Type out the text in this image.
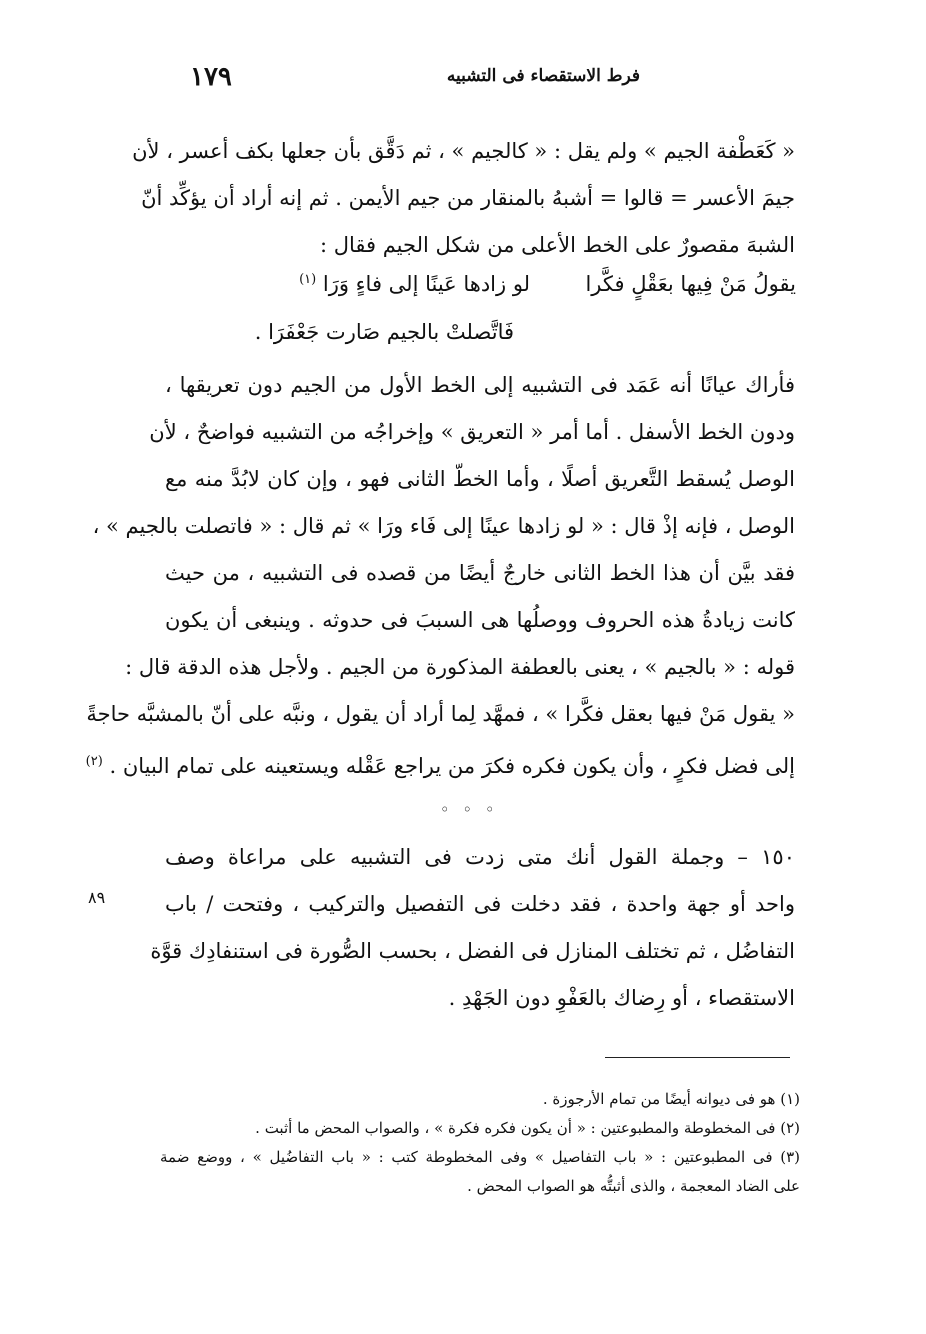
فرط الاستقصاء فى التشبيه
١٧٩
« كَعَطْفة الجيم » ولم يقل : « كالجيم » ، ثم دَقَّق بأن جعلها بكف أعسر ، لأن
جيمَ الأعسر = قالوا = أشبهُ بالمنقار من جيم الأيمن . ثم إنه أراد أن يؤكِّد أنّ
الشبهَ مقصورٌ على الخط الأعلى من شكل الجيم فقال :
يقولُ مَنْ فِيها بعَقْلٍ فكَّرا  لو زادها عَينًا إلى فاءٍ وَرَا $^{(١)}$
فَاتَّصلتْ بالجيم صَارت جَعْفَرَا .
فأراك عيانًا أنه عَمَد فى التشبيه إلى الخط الأول من الجيم دون تعريقها ،
ودون الخط الأسفل . أما أمر « التعريق » وإخراجُه من التشبيه فواضحٌ ، لأن
الوصل يُسقط التَّعريق أصلًا ، وأما الخطّ الثانى فهو ، وإن كان لابُدَّ منه مع
الوصل ، فإنه إذْ قال : « لو زادها عينًا إلى فَاء ورَا » ثم قال : « فاتصلت بالجيم » ،
فقد بيَّن أن هذا الخط الثانى خارجٌ أيضًا من قصده فى التشبيه ، من حيث
كانت زيادةُ هذه الحروف ووصلُها هى السببَ فى حدوثه . وينبغى أن يكون
قوله : « بالجيم » ، يعنى بالعطفة المذكورة من الجيم . ولأجل هذه الدقة قال :
« يقول مَنْ فيها بعقل فكَّرا » ، فمهَّد لِما أراد أن يقول ، ونبَّه على أنّ بالمشبَّه حاجةً
إلى فضل فكرٍ ، وأن يكون فكره فكرَ من يراجع عَقْله ويستعينه على تمام البيان . $^{(٢)}$
◦ ◦ ◦
١٥٠ – وجملة القول أنك متى زدت فى التشبيه على مراعاة وصف
واحد أو جهة واحدة ، فقد دخلت فى التفصيل والتركيب ، وفتحت / باب
التفاضُل ، ثم تختلف المنازل فى الفضل ، بحسب الصُّورة فى استنفادِك قوَّة
الاستقصاء ، أو رِضاك بالعَفْوِ دون الجَهْدِ .
٨٩
(١) هو فى ديوانه أيضًا من تمام الأرجوزة .
(٢) فى المخطوطة والمطبوعتين : « أن يكون فكره فكرة » ، والصواب المحض ما أثبت .
(٣) فى المطبوعتين : « باب التفاصيل » وفى المخطوطة كتب : « باب التفاضُيل » ، ووضع ضمة
على الضاد المعجمة ، والذى أثبتُّه هو الصواب المحض .
